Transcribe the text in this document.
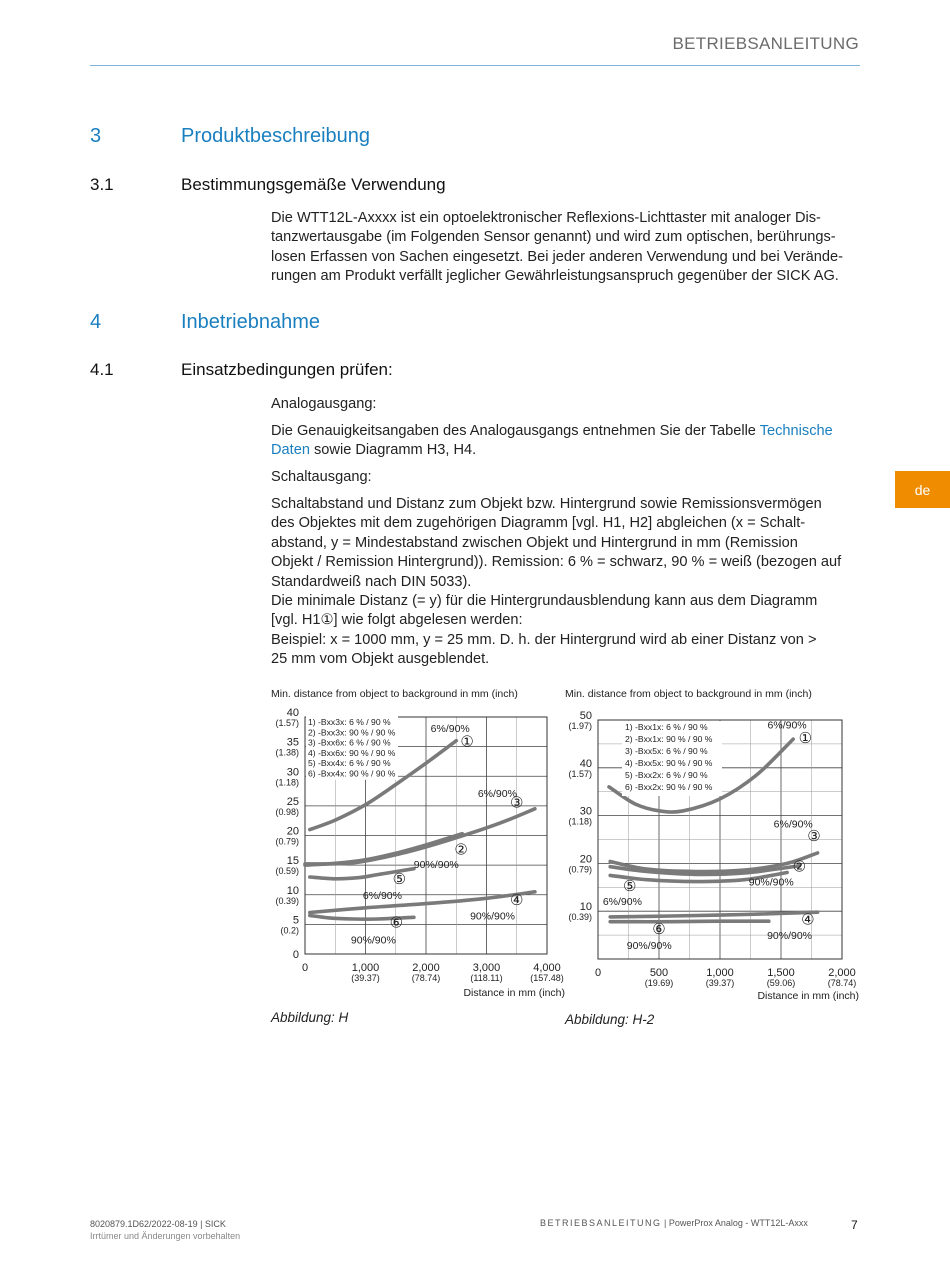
BETRIEBSANLEITUNG
de
3	Produktbeschreibung
3.1	Bestimmungsgemäße Verwendung
Die WTT12L-Axxxx ist ein optoelektronischer Reflexions-Lichttaster mit analoger Dis-
tanzwertausgabe (im Folgenden Sensor genannt) und wird zum optischen, berührungs-
losen Erfassen von Sachen eingesetzt. Bei jeder anderen Verwendung und bei Verände-
rungen am Produkt verfällt jeglicher Gewährleistungsanspruch gegenüber der SICK AG.
4	Inbetriebnahme
4.1	Einsatzbedingungen prüfen:
Analogausgang:
Die Genauigkeitsangaben des Analogausgangs entnehmen Sie der Tabelle Technische Daten sowie Diagramm H3, H4.
Schaltausgang:
Schaltabstand und Distanz zum Objekt bzw. Hintergrund sowie Remissionsvermögen
des Objektes mit dem zugehörigen Diagramm [vgl. H1, H2] abgleichen (x = Schalt-
abstand, y = Mindestabstand zwischen Objekt und Hintergrund in mm (Remission
Objekt / Remission Hintergrund)). Remission: 6 % = schwarz, 90 % = weiß (bezogen auf
Standardweiß nach DIN 5033).
Die minimale Distanz (= y) für die Hintergrundausblendung kann aus dem Diagramm
[vgl. H1①] wie folgt abgelesen werden:
Beispiel: x = 1000 mm, y = 25 mm. D. h. der Hintergrund wird ab einer Distanz von >
25 mm vom Objekt ausgeblendet.
Min. distance from object to background in mm (inch)	Min. distance from object to background in mm (inch)
0
5
(0.2)
10
(0.39)
15
(0.59)
20
(0.79)
25
(0.98)
30
(1.18)
35
(1.38)
40
(1.57)
0	1,000
(39.37)
2,000
(78.74)
3,000
(118.11)
4,000
(157.48)
1) -Bxx3x: 6 % / 90 %
2) -Bxx3x: 90 % / 90 %
3) -Bxx6x: 6 % / 90 %
4) -Bxx6x: 90 % / 90 %
5) -Bxx4x: 6 % / 90 %
6) -Bxx4x: 90 % / 90 %
6%/90%
①
6%/90%
③
②
90%/90%
⑤
6%/90%	④
90%/90%
⑥
90%/90%
Distance in mm (inch)
10
(0.39)
20
(0.79)
30
(1.18)
40
(1.57)
50
(1.97)
0	500
(19.69)
1,000
(39.37)
1,500
(59.06)
2,000
(78.74)
1) -Bxx1x: 6 % / 90 %
2) -Bxx1x: 90 % / 90 %
3) -Bxx5x: 6 % / 90 %
4) -Bxx5x: 90 % / 90 %
5) -Bxx2x: 6 % / 90 %
6) -Bxx2x: 90 % / 90 %
6%/90%
①
6%/90%
③
②
90%/90%
⑤
6%/90%
④
90%/90%
⑥
90%/90%
Distance in mm (inch)
Abbildung: H	Abbildung: H-2
8020879.1D62/2022-08-19 | SICK
Irrtümer und Änderungen vorbehalten
BETRIEBSANLEITUNG | PowerProx Analog - WTT12L-Axxx	7
